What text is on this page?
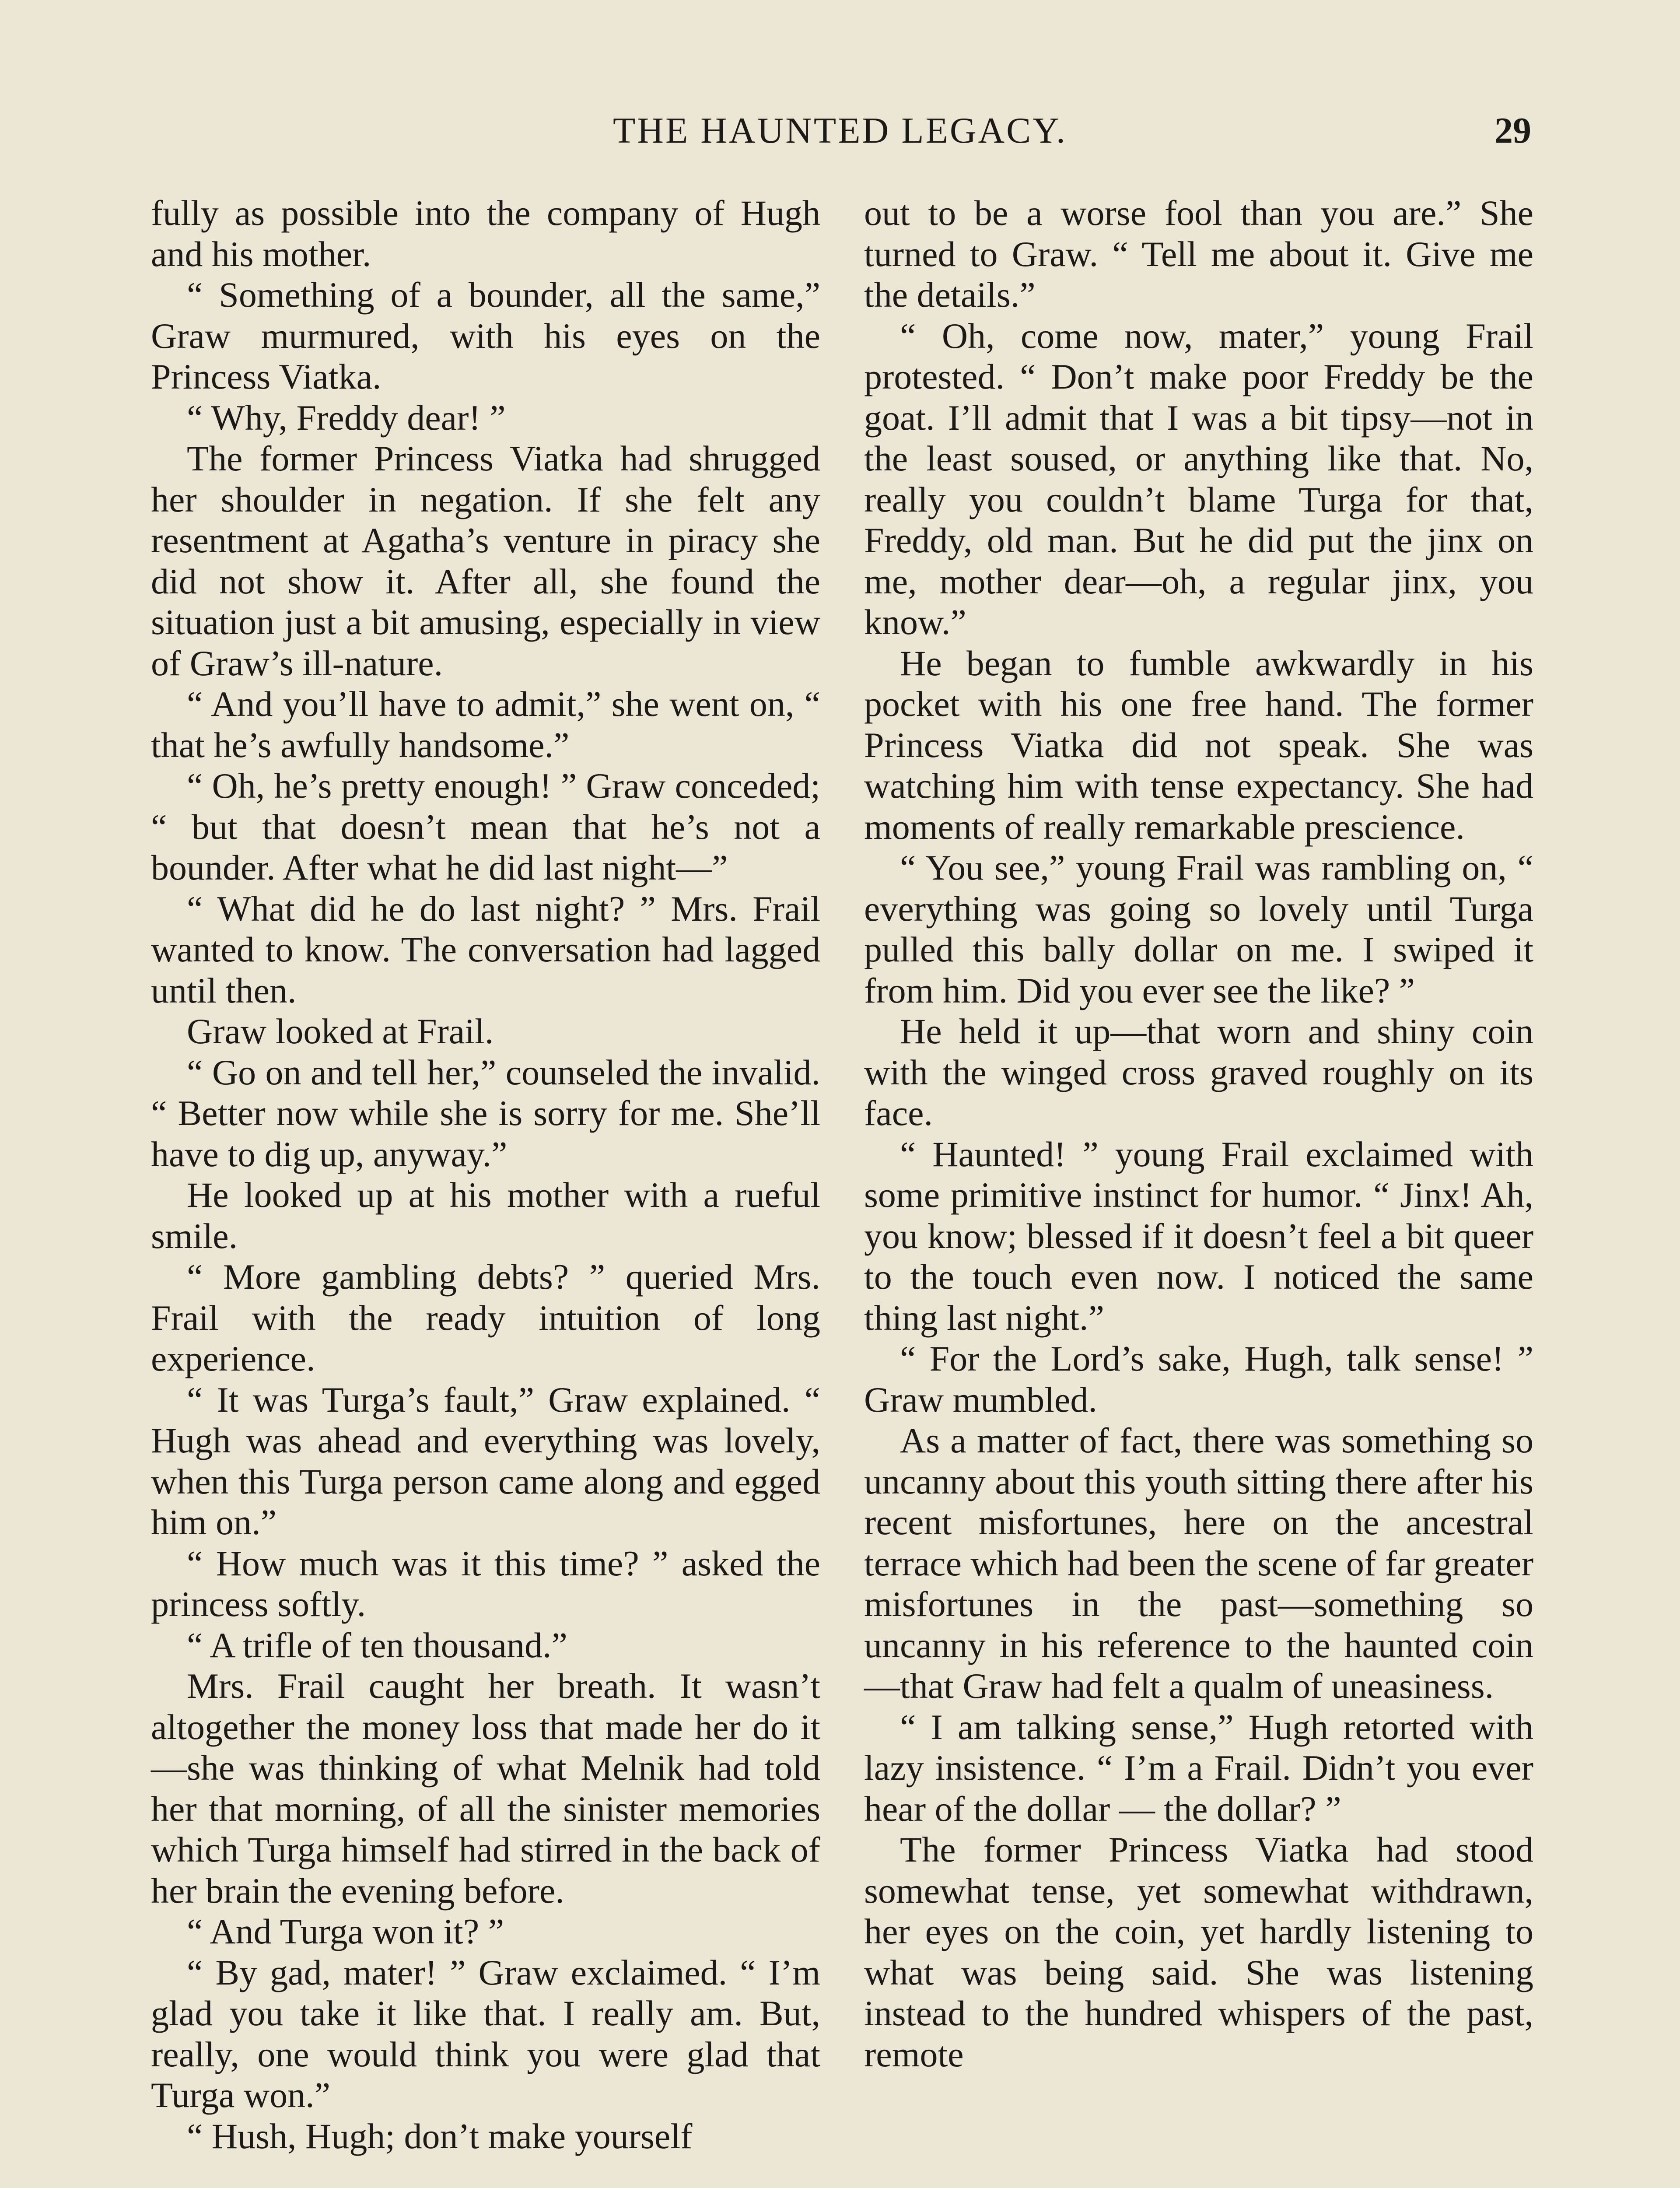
THE HAUNTED LEGACY.	29

fully as possible into the company of Hugh and his mother.

“ Something of a bounder, all the same,” Graw murmured, with his eyes on the Princess Viatka.

“ Why, Freddy dear! ”

The former Princess Viatka had shrugged her shoulder in negation. If she felt any resentment at Agatha’s venture in piracy she did not show it. After all, she found the situation just a bit amusing, especially in view of Graw’s ill-nature.

“ And you’ll have to admit,” she went on, “ that he’s awfully handsome.”

“ Oh, he’s pretty enough! ” Graw conceded; “ but that doesn’t mean that he’s not a bounder. After what he did last night—”

“ What did he do last night? ” Mrs. Frail wanted to know. The conversation had lagged until then.

Graw looked at Frail.

“ Go on and tell her,” counseled the invalid. “ Better now while she is sorry for me. She’ll have to dig up, anyway.”

He looked up at his mother with a rueful smile.

“ More gambling debts? ” queried Mrs. Frail with the ready intuition of long experience.

“ It was Turga’s fault,” Graw explained. “ Hugh was ahead and everything was lovely, when this Turga person came along and egged him on.”

“ How much was it this time? ” asked the princess softly.

“ A trifle of ten thousand.”

Mrs. Frail caught her breath. It wasn’t altogether the money loss that made her do it—she was thinking of what Melnik had told her that morning, of all the sinister memories which Turga himself had stirred in the back of her brain the evening before.

“ And Turga won it? ”

“ By gad, mater! ” Graw exclaimed. “ I’m glad you take it like that. I really am. But, really, one would think you were glad that Turga won.”

“ Hush, Hugh; don’t make yourself

out to be a worse fool than you are.” She turned to Graw. “ Tell me about it. Give me the details.”

“ Oh, come now, mater,” young Frail protested. “ Don’t make poor Freddy be the goat. I’ll admit that I was a bit tipsy—not in the least soused, or anything like that. No, really you couldn’t blame Turga for that, Freddy, old man. But he did put the jinx on me, mother dear—oh, a regular jinx, you know.”

He began to fumble awkwardly in his pocket with his one free hand. The former Princess Viatka did not speak. She was watching him with tense expectancy. She had moments of really remarkable prescience.

“ You see,” young Frail was rambling on, “ everything was going so lovely until Turga pulled this bally dollar on me. I swiped it from him. Did you ever see the like? ”

He held it up—that worn and shiny coin with the winged cross graved roughly on its face.

“ Haunted! ” young Frail exclaimed with some primitive instinct for humor. “ Jinx! Ah, you know; blessed if it doesn’t feel a bit queer to the touch even now. I noticed the same thing last night.”

“ For the Lord’s sake, Hugh, talk sense! ” Graw mumbled.

As a matter of fact, there was something so uncanny about this youth sitting there after his recent misfortunes, here on the ancestral terrace which had been the scene of far greater misfortunes in the past—something so uncanny in his reference to the haunted coin—that Graw had felt a qualm of uneasiness.

“ I am talking sense,” Hugh retorted with lazy insistence. “ I’m a Frail. Didn’t you ever hear of the dollar — the dollar? ”

The former Princess Viatka had stood somewhat tense, yet somewhat withdrawn, her eyes on the coin, yet hardly listening to what was being said. She was listening instead to the hundred whispers of the past, remote
